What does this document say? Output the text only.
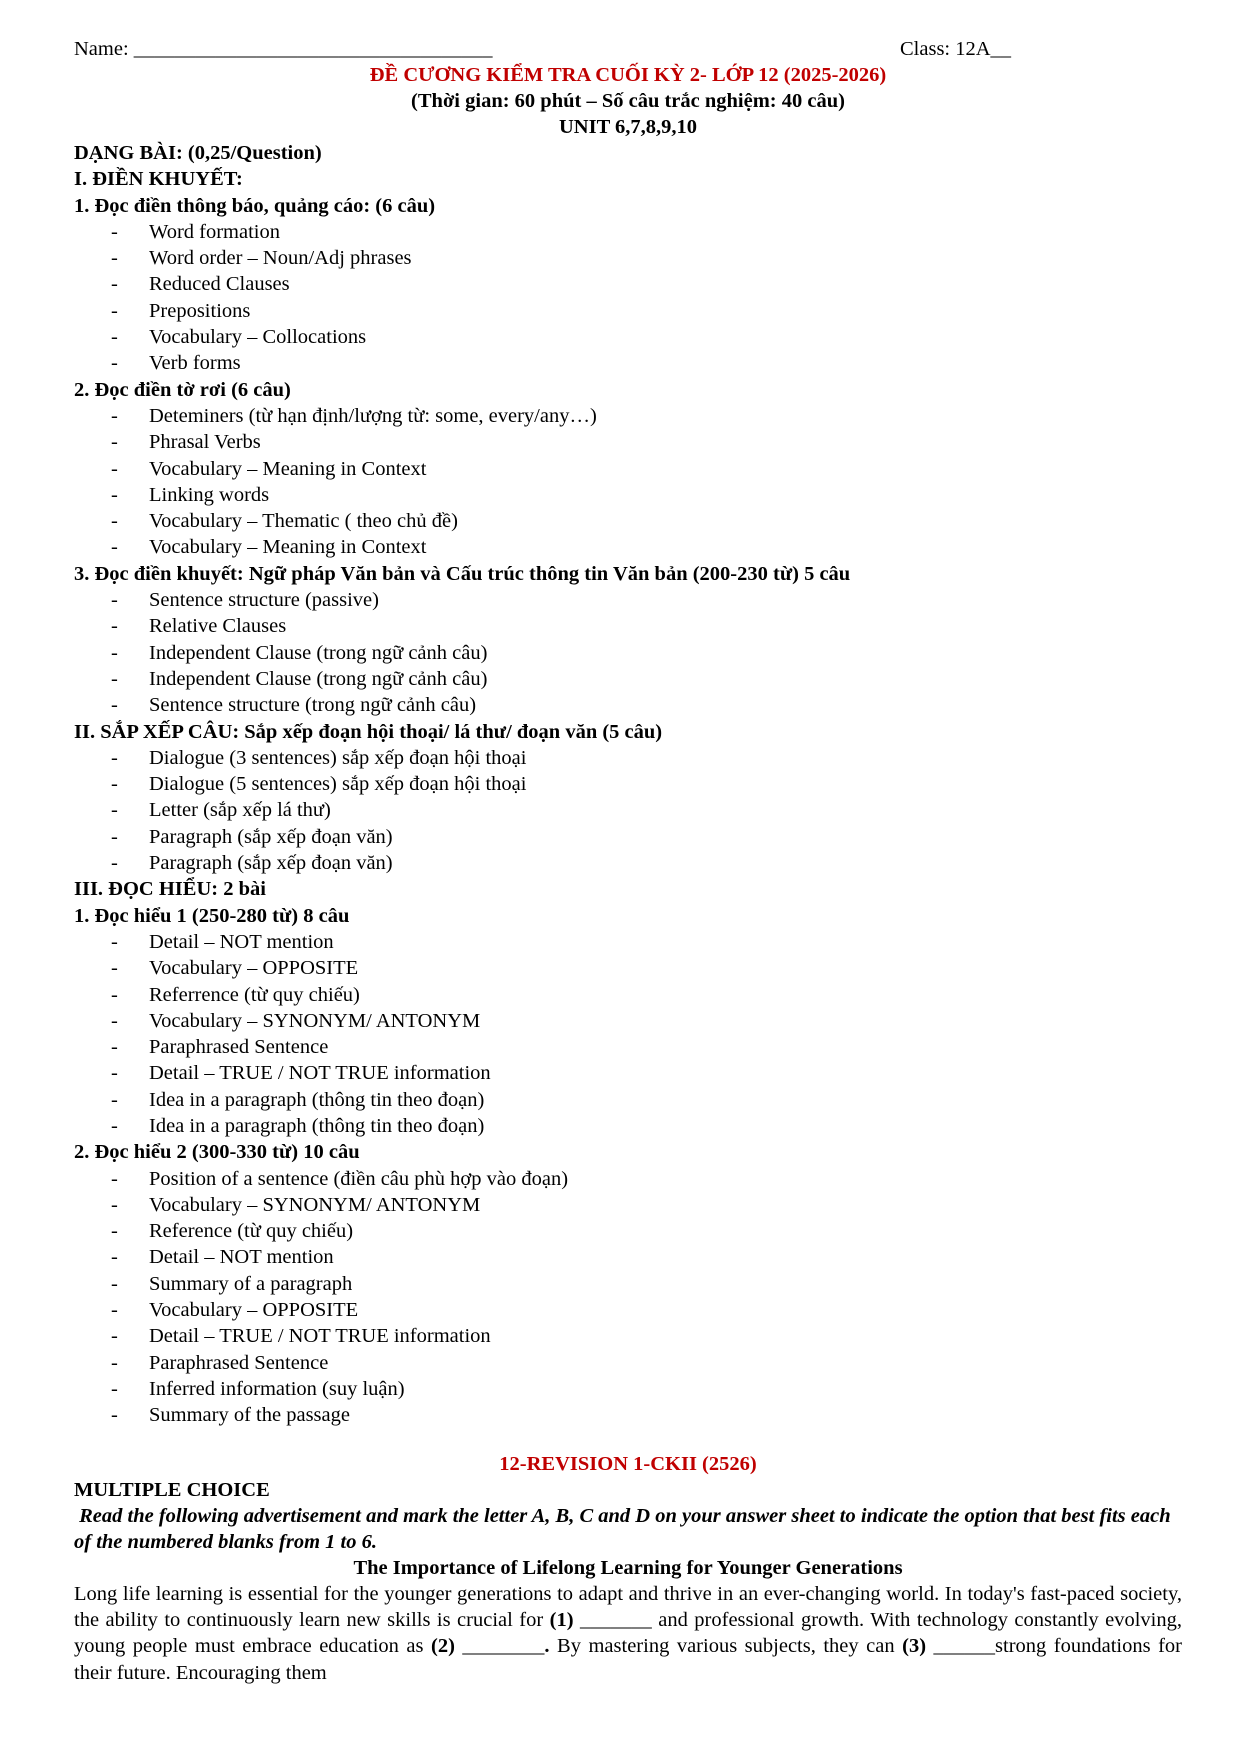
Name: ___________________________________	Class: 12A__
ĐỀ CƯƠNG KIỂM TRA CUỐI KỲ 2- LỚP 12 (2025-2026)
(Thời gian: 60 phút – Số câu trắc nghiệm: 40 câu)
UNIT 6,7,8,9,10
DẠNG BÀI: (0,25/Question)
I. ĐIỀN KHUYẾT:
1. Đọc điền thông báo, quảng cáo: (6 câu)
- Word formation
- Word order – Noun/Adj phrases
- Reduced Clauses
- Prepositions
- Vocabulary – Collocations
- Verb forms
2. Đọc điền tờ rơi (6 câu)
- Deteminers (từ hạn định/lượng từ: some, every/any…)
- Phrasal Verbs
- Vocabulary – Meaning in Context
- Linking words
- Vocabulary – Thematic ( theo chủ đề)
- Vocabulary – Meaning in Context
3. Đọc điền khuyết: Ngữ pháp Văn bản và Cấu trúc thông tin Văn bản (200-230 từ) 5 câu
- Sentence structure (passive)
- Relative Clauses
- Independent Clause (trong ngữ cảnh câu)
- Independent Clause (trong ngữ cảnh câu)
- Sentence structure (trong ngữ cảnh câu)
II. SẮP XẾP CÂU: Sắp xếp đoạn hội thoại/ lá thư/ đoạn văn (5 câu)
- Dialogue (3 sentences) sắp xếp đoạn hội thoại
- Dialogue (5 sentences) sắp xếp đoạn hội thoại
- Letter (sắp xếp lá thư)
- Paragraph (sắp xếp đoạn văn)
- Paragraph (sắp xếp đoạn văn)
III. ĐỌC HIỂU: 2 bài
1. Đọc hiểu 1 (250-280 từ) 8 câu
- Detail – NOT mention
- Vocabulary – OPPOSITE
- Referrence (từ quy chiếu)
- Vocabulary – SYNONYM/ ANTONYM
- Paraphrased Sentence
- Detail – TRUE / NOT TRUE information
- Idea in a paragraph (thông tin theo đoạn)
- Idea in a paragraph (thông tin theo đoạn)
2. Đọc hiểu 2 (300-330 từ) 10 câu
- Position of a sentence (điền câu phù hợp vào đoạn)
- Vocabulary – SYNONYM/ ANTONYM
- Reference (từ quy chiếu)
- Detail – NOT mention
- Summary of a paragraph
- Vocabulary – OPPOSITE
- Detail – TRUE / NOT TRUE information
- Paraphrased Sentence
- Inferred information (suy luận)
- Summary of the passage
12-REVISION 1-CKII (2526)
MULTIPLE CHOICE
Read the following advertisement and mark the letter A, B, C and D on your answer sheet to indicate the option that best fits each of the numbered blanks from 1 to 6.
The Importance of Lifelong Learning for Younger Generations
Long life learning is essential for the younger generations to adapt and thrive in an ever-changing world. In today's fast-paced society, the ability to continuously learn new skills is crucial for (1) _______ and professional growth. With technology constantly evolving, young people must embrace education as (2) ________. By mastering various subjects, they can (3) ______strong foundations for their future. Encouraging them
